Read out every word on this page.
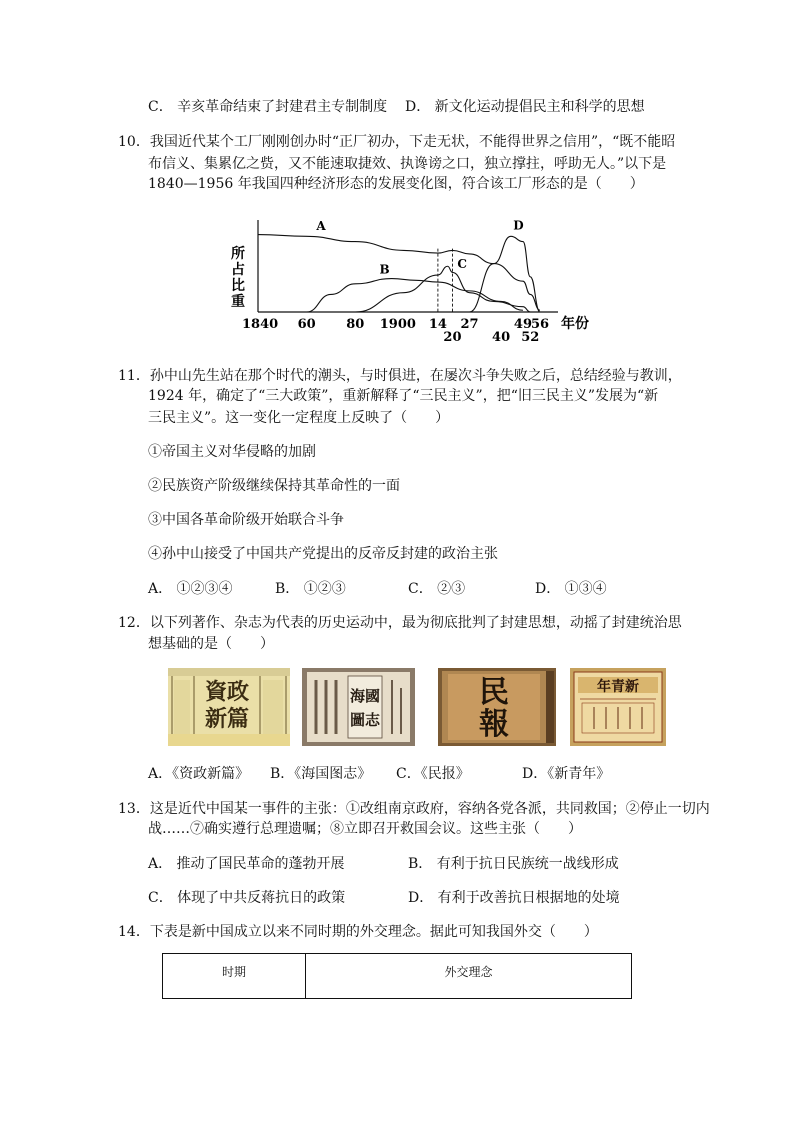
C． 辛亥革命结束了封建君主专制制度 D． 新文化运动提倡民主和科学的思想
10．我国近代某个工厂刚刚创办时“正厂初办，下走无状，不能得世界之信用”，“既不能昭
布信义、集累亿之赀，又不能速取捷效、执谗谤之口，独立撑拄，呼助无人。”以下是
1840—1956 年我国四种经济形态的发展变化图，符合该工厂形态的是（　　）
所
占
比
重
A
B	C
D
1840 60 80 1900 14 27	49
56
20 40 52
年份
11．孙中山先生站在那个时代的潮头，与时俱进，在屡次斗争失败之后，总结经验与教训，
1924 年，确定了“三大政策”，重新解释了“三民主义”，把“旧三民主义”发展为“新
三民主义”。这一变化一定程度上反映了（　　）
①帝国主义对华侵略的加剧
②民族资产阶级继续保持其革命性的一面
③中国各革命阶级开始联合斗争
④孙中山接受了中国共产党提出的反帝反封建的政治主张
A． ①②③④	B． ①②③	C． ②③	D． ①③④
12．以下列著作、杂志为代表的历史运动中，最为彻底批判了封建思想，动摇了封建统治思
想基础的是（　　）
資政
新篇
海國
圖志
民
報
年青新
A．《资政新篇》 B．《海国图志》 C．《民报》	D．《新青年》
13．这是近代中国某一事件的主张：①改组南京政府，容纳各党各派，共同救国；②停止一切内
战……⑦确实遵行总理遗嘱；⑧立即召开救国会议。这些主张（　　）
A． 推动了国民革命的蓬勃开展	B． 有利于抗日民族统一战线形成
C． 体现了中共反蒋抗日的政策	D． 有利于改善抗日根据地的处境
14．下表是新中国成立以来不同时期的外交理念。据此可知我国外交（　　）
时期	外交理念
